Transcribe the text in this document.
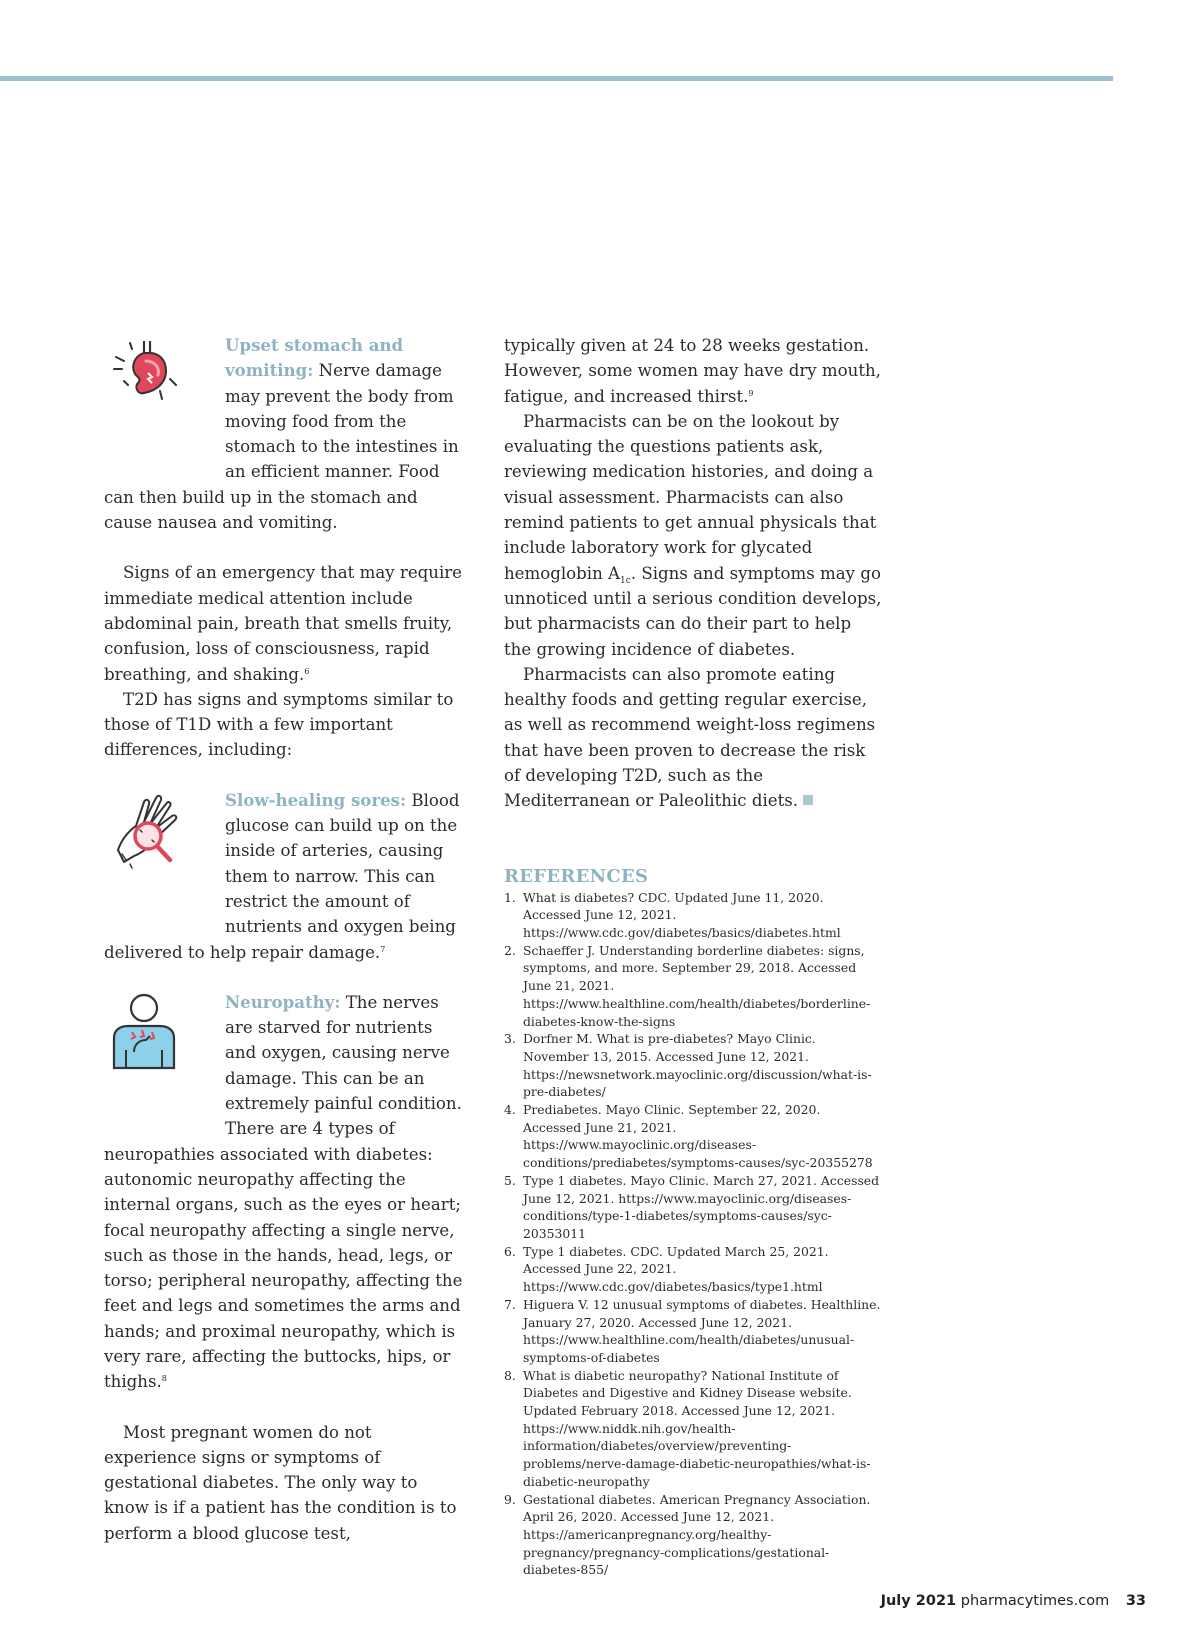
Upset stomach and vomiting: Nerve damage may prevent the body from moving food from the stomach to the intestines in an efficient manner. Food can then build up in the stomach and cause nausea and vomiting.

Signs of an emergency that may require immediate medical attention include abdominal pain, breath that smells fruity, confusion, loss of consciousness, rapid breathing, and shaking.$^6$

T2D has signs and symptoms similar to those of T1D with a few important differences, including:

Slow-healing sores: Blood glucose can build up on the inside of arteries, causing them to narrow. This can restrict the amount of nutrients and oxygen being delivered to help repair damage.$^7$

Neuropathy: The nerves are starved for nutrients and oxygen, causing nerve damage. This can be an extremely painful condition. There are 4 types of neuropathies associated with diabetes: autonomic neuropathy affecting the internal organs, such as the eyes or heart; focal neuropathy affecting a single nerve, such as those in the hands, head, legs, or torso; peripheral neuropathy, affecting the feet and legs and sometimes the arms and hands; and proximal neuropathy, which is very rare, affecting the buttocks, hips, or thighs.$^8$

Most pregnant women do not experience signs or symptoms of gestational diabetes. The only way to know is if a patient has the condition is to perform a blood glucose test,

typically given at 24 to 28 weeks gestation. However, some women may have dry mouth, fatigue, and increased thirst.$^9$

Pharmacists can be on the lookout by evaluating the questions patients ask, reviewing medication histories, and doing a visual assessment. Pharmacists can also remind patients to get annual physicals that include laboratory work for glycated hemoglobin $A_{1c}$. Signs and symptoms may go unnoticed until a serious condition develops, but pharmacists can do their part to help the growing incidence of diabetes.

Pharmacists can also promote eating healthy foods and getting regular exercise, as well as recommend weight-loss regimens that have been proven to decrease the risk of developing T2D, such as the Mediterranean or Paleolithic diets.

REFERENCES
1. What is diabetes? CDC. Updated June 11, 2020. Accessed June 12, 2021. https://www.cdc.gov/diabetes/basics/diabetes.html
2. Schaeffer J. Understanding borderline diabetes: signs, symptoms, and more. September 29, 2018. Accessed June 21, 2021. https://www.healthline.com/health/diabetes/borderline-diabetes-know-the-signs
3. Dorfner M. What is pre-diabetes? Mayo Clinic. November 13, 2015. Accessed June 12, 2021. https://newsnetwork.mayoclinic.org/discussion/what-is-pre-diabetes/
4. Prediabetes. Mayo Clinic. September 22, 2020. Accessed June 21, 2021. https://www.mayoclinic.org/diseases-conditions/prediabetes/symptoms-causes/syc-20355278
5. Type 1 diabetes. Mayo Clinic. March 27, 2021. Accessed June 12, 2021. https://www.mayoclinic.org/diseases-conditions/type-1-diabetes/symptoms-causes/syc-20353011
6. Type 1 diabetes. CDC. Updated March 25, 2021. Accessed June 22, 2021. https://www.cdc.gov/diabetes/basics/type1.html
7. Higuera V. 12 unusual symptoms of diabetes. Healthline. January 27, 2020. Accessed June 12, 2021. https://www.healthline.com/health/diabetes/unusual-symptoms-of-diabetes
8. What is diabetic neuropathy? National Institute of Diabetes and Digestive and Kidney Disease website. Updated February 2018. Accessed June 12, 2021. https://www.niddk.nih.gov/health-information/diabetes/overview/preventing-problems/nerve-damage-diabetic-neuropathies/what-is-diabetic-neuropathy
9. Gestational diabetes. American Pregnancy Association. April 26, 2020. Accessed June 12, 2021. https://americanpregnancy.org/healthy-pregnancy/pregnancy-complications/gestational-diabetes-855/
July 2021 pharmacytimes.com 33
